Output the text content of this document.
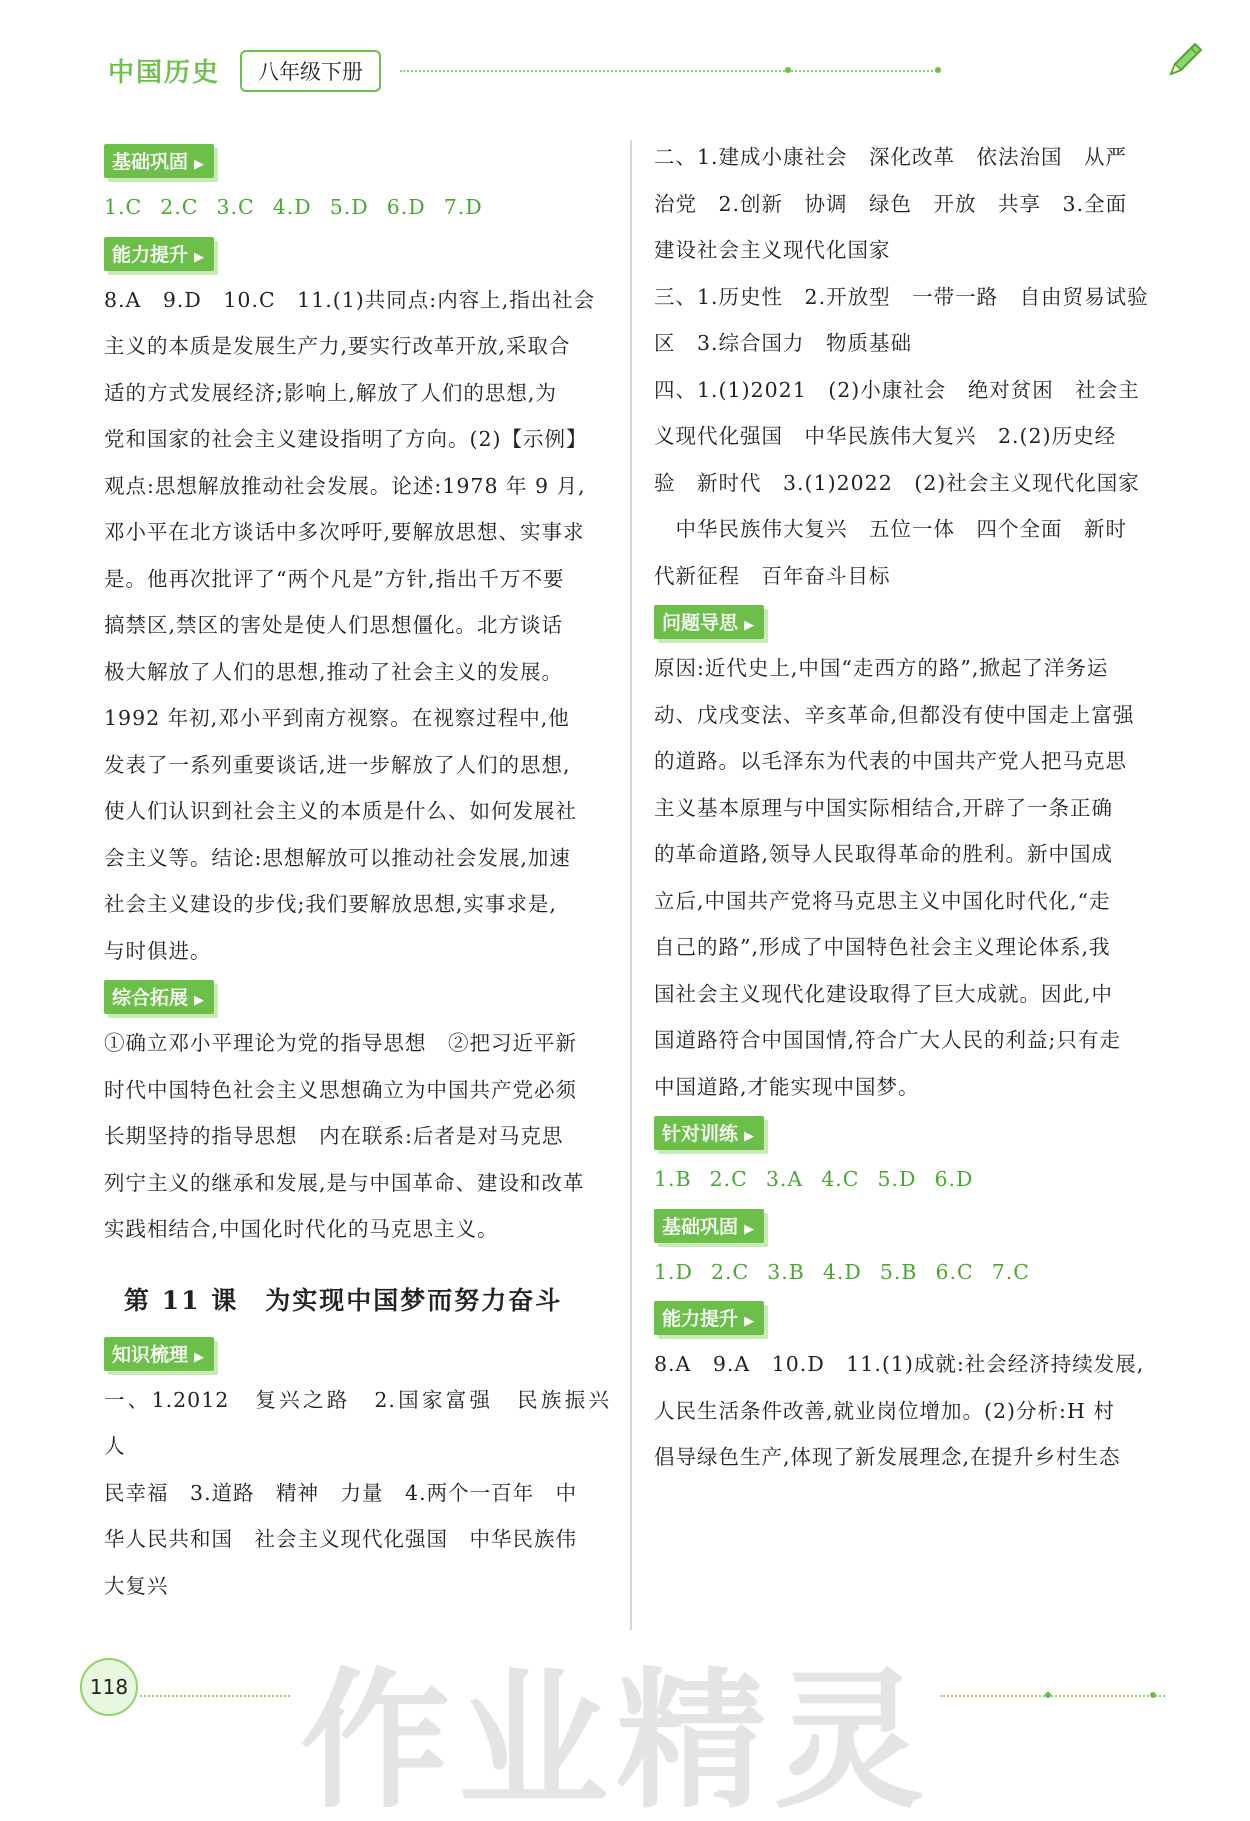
中国历史	八年级下册
基础巩固 ▶

1.C 2.C 3.C 4.D 5.D 6.D 7.D

能力提升 ▶

8.A　9.D　10.C　11.(1)共同点:内容上,指出社会

主义的本质是发展生产力,要实行改革开放,采取合

适的方式发展经济;影响上,解放了人们的思想,为

党和国家的社会主义建设指明了方向。(2)【示例】

观点:思想解放推动社会发展。论述:1978 年 9 月,

邓小平在北方谈话中多次呼吁,要解放思想、实事求

是。他再次批评了“两个凡是”方针,指出千万不要

搞禁区,禁区的害处是使人们思想僵化。北方谈话

极大解放了人们的思想,推动了社会主义的发展。

1992 年初,邓小平到南方视察。在视察过程中,他

发表了一系列重要谈话,进一步解放了人们的思想,

使人们认识到社会主义的本质是什么、如何发展社

会主义等。结论:思想解放可以推动社会发展,加速

社会主义建设的步伐;我们要解放思想,实事求是,

与时俱进。

综合拓展 ▶

①确立邓小平理论为党的指导思想　②把习近平新

时代中国特色社会主义思想确立为中国共产党必须

长期坚持的指导思想　内在联系:后者是对马克思

列宁主义的继承和发展,是与中国革命、建设和改革

实践相结合,中国化时代化的马克思主义。

第 11 课　为实现中国梦而努力奋斗
知识梳理 ▶

一、1.2012　复兴之路　2.国家富强　民族振兴　人

民幸福　3.道路　精神　力量　4.两个一百年　中

华人民共和国　社会主义现代化强国　中华民族伟

大复兴

二、1.建成小康社会　深化改革　依法治国　从严

治党　2.创新　协调　绿色　开放　共享　3.全面

建设社会主义现代化国家

三、1.历史性　2.开放型　一带一路　自由贸易试验

区　3.综合国力　物质基础

四、1.(1)2021　(2)小康社会　绝对贫困　社会主

义现代化强国　中华民族伟大复兴　2.(2)历史经

验　新时代　3.(1)2022　(2)社会主义现代化国家

　中华民族伟大复兴　五位一体　四个全面　新时

代新征程　百年奋斗目标

问题导思 ▶

原因:近代史上,中国“走西方的路”,掀起了洋务运

动、戊戌变法、辛亥革命,但都没有使中国走上富强

的道路。以毛泽东为代表的中国共产党人把马克思

主义基本原理与中国实际相结合,开辟了一条正确

的革命道路,领导人民取得革命的胜利。新中国成

立后,中国共产党将马克思主义中国化时代化,“走

自己的路”,形成了中国特色社会主义理论体系,我

国社会主义现代化建设取得了巨大成就。因此,中

国道路符合中国国情,符合广大人民的利益;只有走

中国道路,才能实现中国梦。

针对训练 ▶

1.B 2.C 3.A 4.C 5.D 6.D

基础巩固 ▶

1.D 2.C 3.B 4.D 5.B 6.C 7.C

能力提升 ▶

8.A　9.A　10.D　11.(1)成就:社会经济持续发展,

人民生活条件改善,就业岗位增加。(2)分析:H 村

倡导绿色生产,体现了新发展理念,在提升乡村生态

118 作业精灵
